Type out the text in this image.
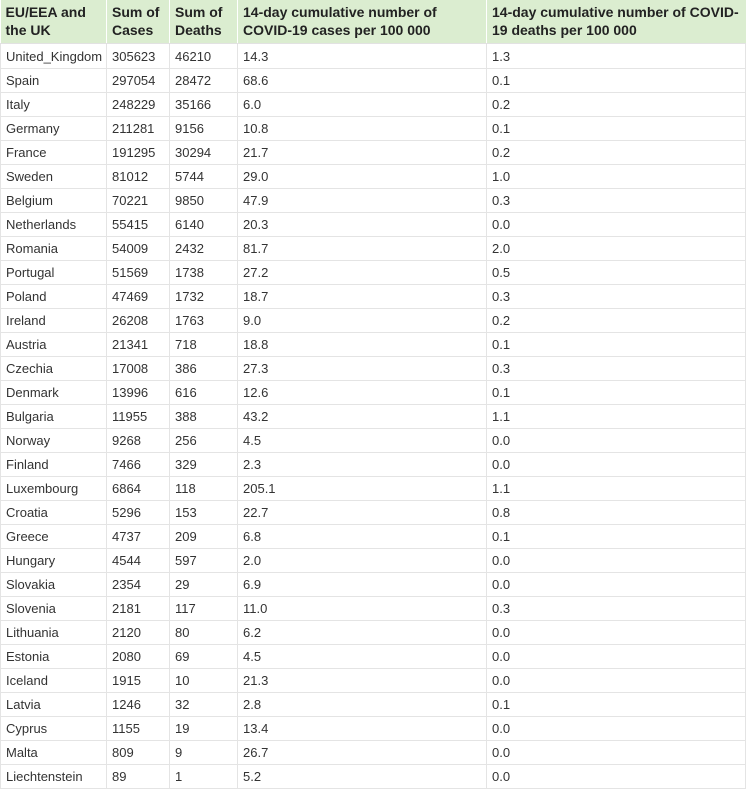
EU/EEA and the UK	Sum of Cases	Sum of Deaths	14-day cumulative number of COVID-19 cases per 100 000	14-day cumulative number of COVID-19 deaths per 100 000
United_Kingdom	305623	46210	14.3	1.3
Spain	297054	28472	68.6	0.1
Italy	248229	35166	6.0	0.2
Germany	211281	9156	10.8	0.1
France	191295	30294	21.7	0.2
Sweden	81012	5744	29.0	1.0
Belgium	70221	9850	47.9	0.3
Netherlands	55415	6140	20.3	0.0
Romania	54009	2432	81.7	2.0
Portugal	51569	1738	27.2	0.5
Poland	47469	1732	18.7	0.3
Ireland	26208	1763	9.0	0.2
Austria	21341	718	18.8	0.1
Czechia	17008	386	27.3	0.3
Denmark	13996	616	12.6	0.1
Bulgaria	11955	388	43.2	1.1
Norway	9268	256	4.5	0.0
Finland	7466	329	2.3	0.0
Luxembourg	6864	118	205.1	1.1
Croatia	5296	153	22.7	0.8
Greece	4737	209	6.8	0.1
Hungary	4544	597	2.0	0.0
Slovakia	2354	29	6.9	0.0
Slovenia	2181	117	11.0	0.3
Lithuania	2120	80	6.2	0.0
Estonia	2080	69	4.5	0.0
Iceland	1915	10	21.3	0.0
Latvia	1246	32	2.8	0.1
Cyprus	1155	19	13.4	0.0
Malta	809	9	26.7	0.0
Liechtenstein	89	1	5.2	0.0
